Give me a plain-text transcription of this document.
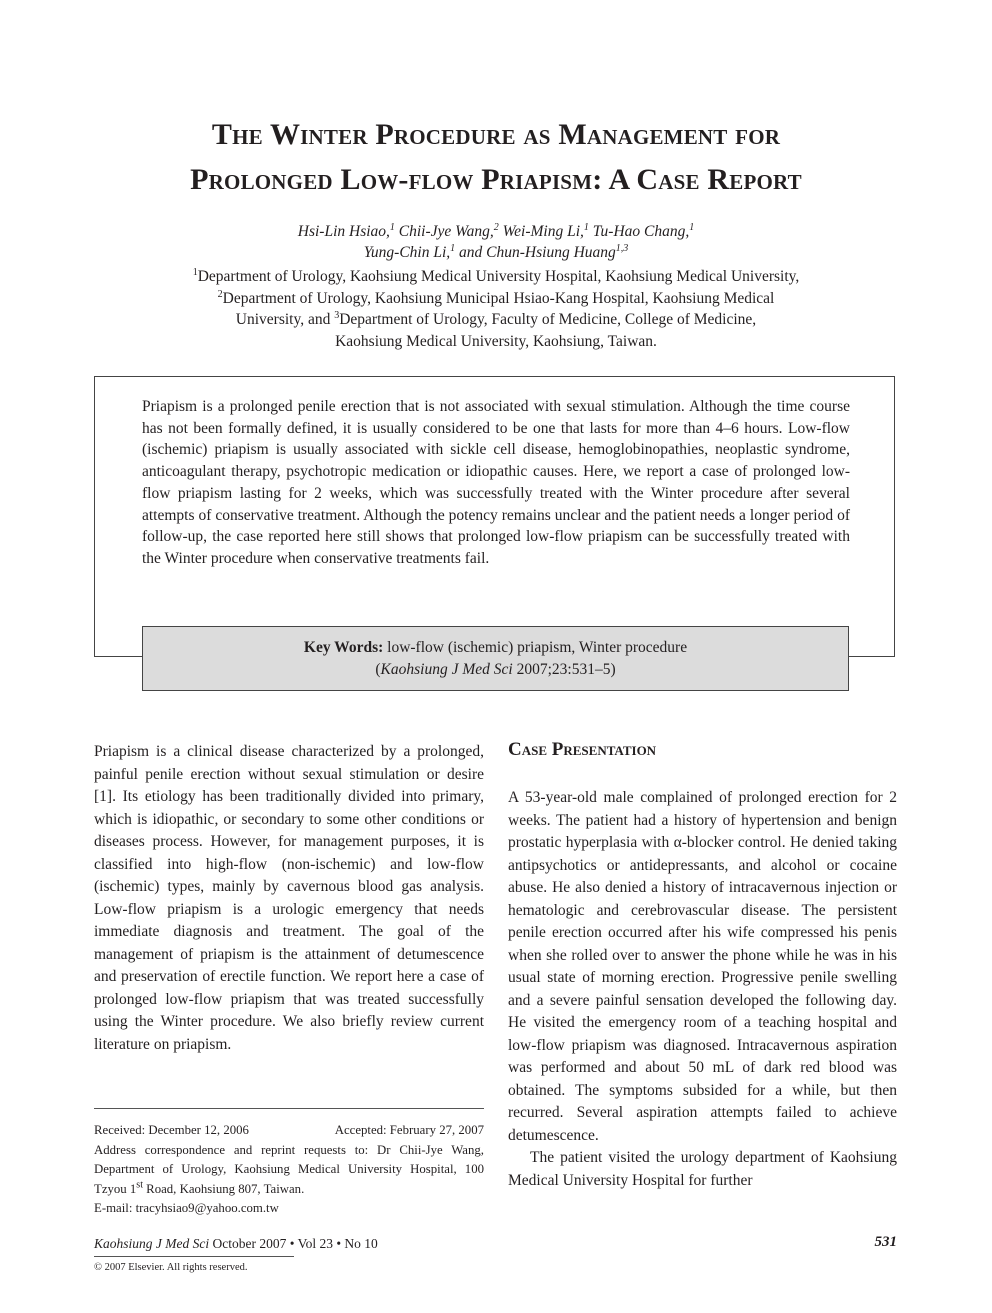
The Winter Procedure as Management for
Prolonged Low-flow Priapism: A Case Report
Hsi-Lin Hsiao,$^1$ Chii-Jye Wang,$^2$ Wei-Ming Li,$^1$ Tu-Hao Chang,$^1$
Yung-Chin Li,$^1$ and Chun-Hsiung Huang$^{1,3}$
$^1$Department of Urology, Kaohsiung Medical University Hospital, Kaohsiung Medical University,
$^2$Department of Urology, Kaohsiung Municipal Hsiao-Kang Hospital, Kaohsiung Medical
University, and $^3$Department of Urology, Faculty of Medicine, College of Medicine,
Kaohsiung Medical University, Kaohsiung, Taiwan.

Priapism is a prolonged penile erection that is not associated with sexual stimulation. Although the time course has not been formally defined, it is usually considered to be one that lasts for more than 4–6 hours. Low-flow (ischemic) priapism is usually associated with sickle cell disease, hemoglobinopathies, neoplastic syndrome, anticoagulant therapy, psychotropic medication or idiopathic causes. Here, we report a case of prolonged low-flow priapism lasting for 2 weeks, which was successfully treated with the Winter procedure after several attempts of conservative treatment. Although the potency remains unclear and the patient needs a longer period of follow-up, the case reported here still shows that prolonged low-flow priapism can be successfully treated with the Winter procedure when conservative treatments fail.

Key Words: low-flow (ischemic) priapism, Winter procedure
(Kaohsiung J Med Sci 2007;23:531–5)

Priapism is a clinical disease characterized by a prolonged, painful penile erection without sexual stimulation or desire [1]. Its etiology has been traditionally divided into primary, which is idiopathic, or secondary to some other conditions or diseases process. However, for management purposes, it is classified into high-flow (non-ischemic) and low-flow (ischemic) types, mainly by cavernous blood gas analysis. Low-flow priapism is a urologic emergency that needs immediate diagnosis and treatment. The goal of the management of priapism is the attainment of detumescence and preservation of erectile function. We report here a case of prolonged low-flow priapism that was treated successfully using the Winter procedure. We also briefly review current literature on priapism.

Case Presentation

A 53-year-old male complained of prolonged erection for 2 weeks. The patient had a history of hypertension and benign prostatic hyperplasia with α-blocker control. He denied taking antipsychotics or antidepressants, and alcohol or cocaine abuse. He also denied a history of intracavernous injection or hematologic and cerebrovascular disease. The persistent penile erection occurred after his wife compressed his penis when she rolled over to answer the phone while he was in his usual state of morning erection. Progressive penile swelling and a severe painful sensation developed the following day. He visited the emergency room of a teaching hospital and low-flow priapism was diagnosed. Intracavernous aspiration was performed and about 50 mL of dark red blood was obtained. The symptoms subsided for a while, but then recurred. Several aspiration attempts failed to achieve detumescence.

The patient visited the urology department of Kaohsiung Medical University Hospital for further

Received: December 12, 2006	Accepted: February 27, 2007
Address correspondence and reprint requests to: Dr Chii-Jye Wang, Department of Urology, Kaohsiung Medical University Hospital, 100 Tzyou 1st Road, Kaohsiung 807, Taiwan.
E-mail: tracyhsiao9@yahoo.com.tw
Kaohsiung J Med Sci October 2007 • Vol 23 • No 10	531
© 2007 Elsevier. All rights reserved.
